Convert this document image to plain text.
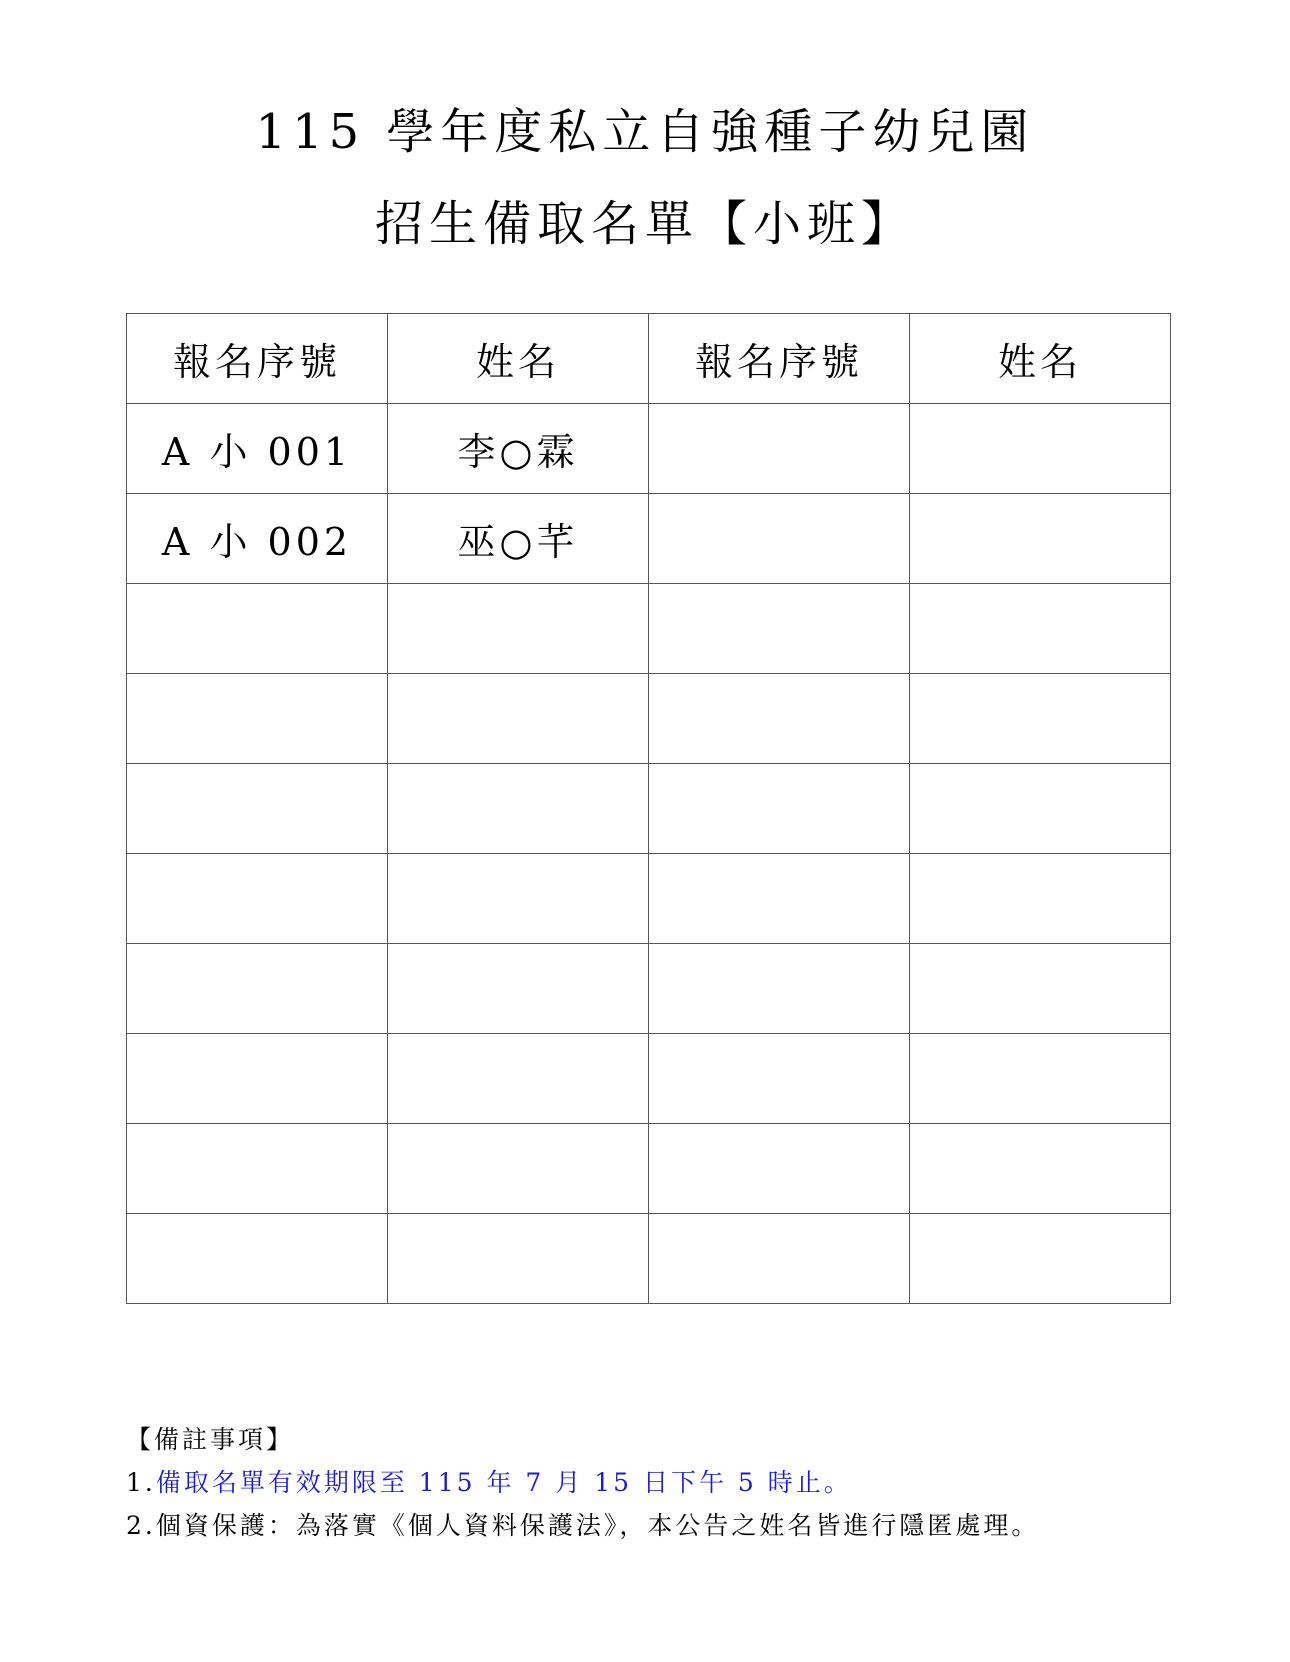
115 學年度私立自強種子幼兒園
招生備取名單【小班】
報名序號	姓名	報名序號	姓名
A 小 001	李○霖		
A 小 002	巫○芊		

【備註事項】
1.備取名單有效期限至 115 年 7 月 15 日下午 5 時止。
2.個資保護：為落實《個人資料保護法》，本公告之姓名皆進行隱匿處理。
